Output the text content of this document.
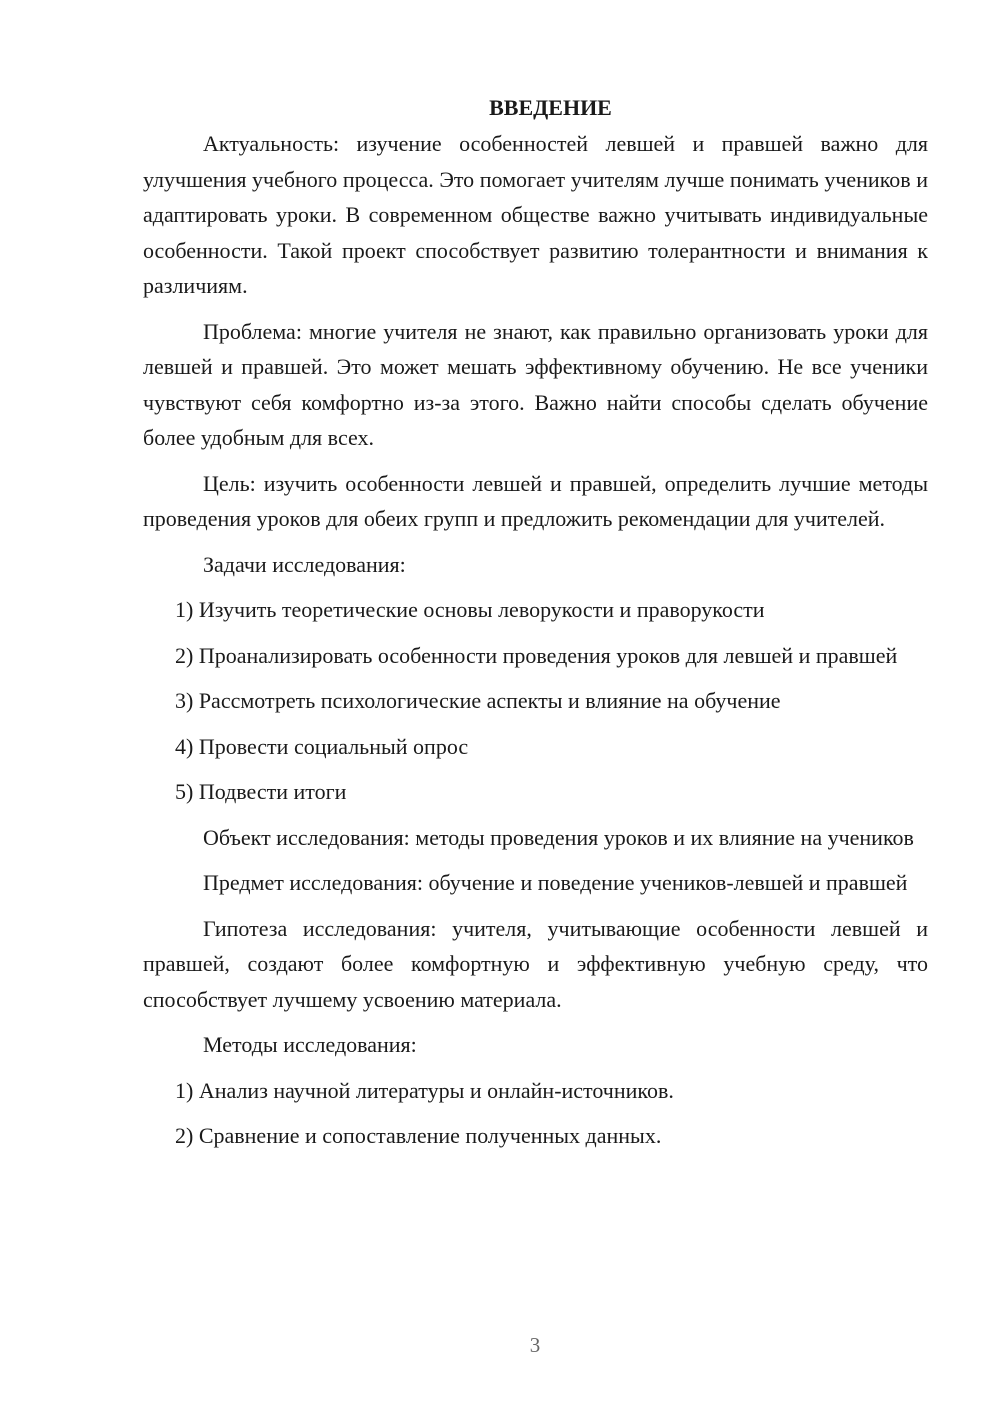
ВВЕДЕНИЕ

Актуальность: изучение особенностей левшей и правшей важно для улучшения учебного процесса. Это помогает учителям лучше понимать учеников и адаптировать уроки. В современном обществе важно учитывать индивидуальные особенности. Такой проект способствует развитию толерантности и внимания к различиям.

Проблема: многие учителя не знают, как правильно организовать уроки для левшей и правшей. Это может мешать эффективному обучению. Не все ученики чувствуют себя комфортно из-за этого. Важно найти способы сделать обучение более удобным для всех.

Цель: изучить особенности левшей и правшей, определить лучшие методы проведения уроков для обеих групп и предложить рекомендации для учителей.

Задачи исследования:

1) Изучить теоретические основы леворукости и праворукости

2) Проанализировать особенности проведения уроков для левшей и правшей

3) Рассмотреть психологические аспекты и влияние на обучение

4) Провести социальный опрос

5) Подвести итоги

Объект исследования: методы проведения уроков и их влияние на учеников

Предмет исследования: обучение и поведение учеников-левшей и правшей

Гипотеза исследования: учителя, учитывающие особенности левшей и правшей, создают более комфортную и эффективную учебную среду, что способствует лучшему усвоению материала.

Методы исследования:

1) Анализ научной литературы и онлайн-источников.

2) Сравнение и сопоставление полученных данных.

3
